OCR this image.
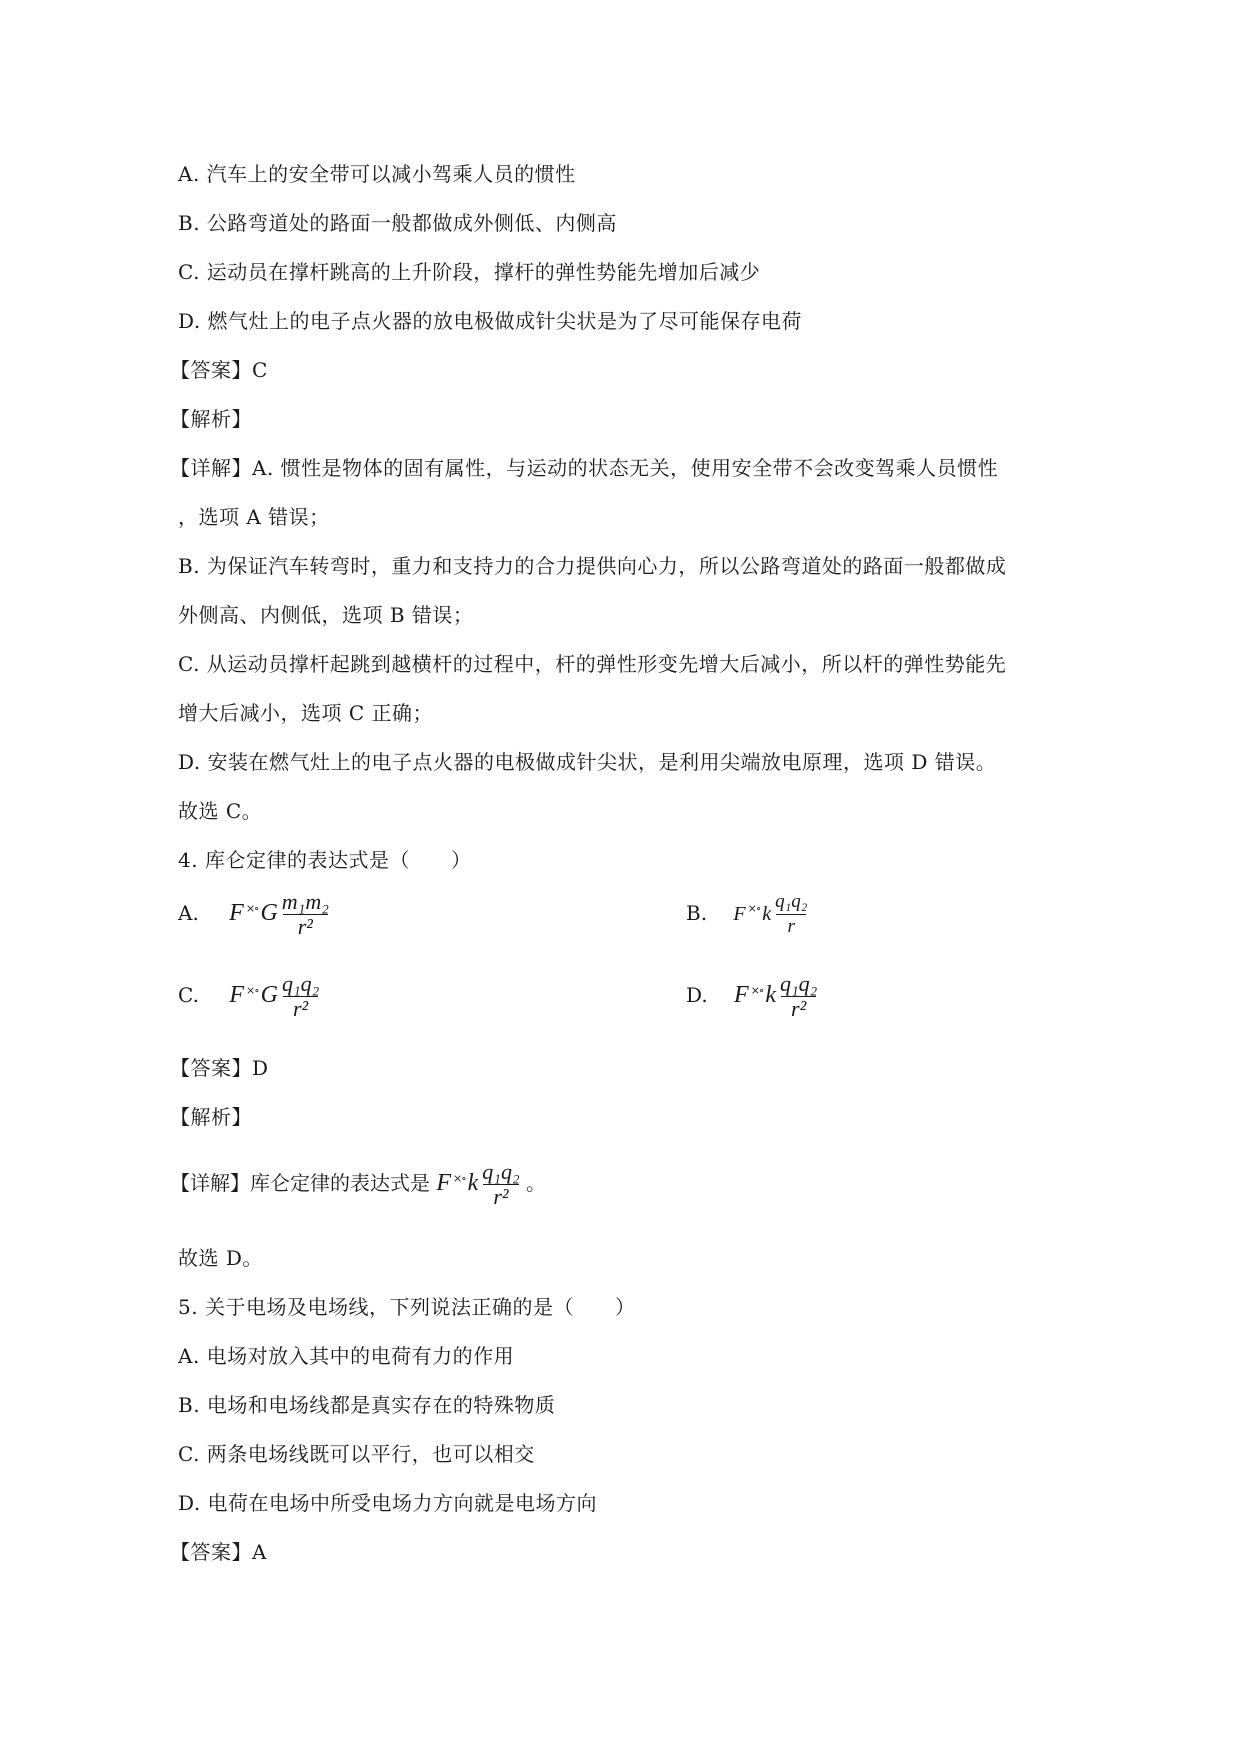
A. 汽车上的安全带可以减小驾乘人员的惯性
B. 公路弯道处的路面一般都做成外侧低、内侧高
C. 运动员在撑杆跳高的上升阶段，撑杆的弹性势能先增加后减少
D. 燃气灶上的电子点火器的放电极做成针尖状是为了尽可能保存电荷
【答案】C
【解析】
【详解】A. 惯性是物体的固有属性，与运动的状态无关，使用安全带不会改变驾乘人员惯性
，选项 A 错误；
B. 为保证汽车转弯时，重力和支持力的合力提供向心力，所以公路弯道处的路面一般都做成
外侧高、内侧低，选项 B 错误；
C. 从运动员撑杆起跳到越横杆的过程中，杆的弹性形变先增大后减小，所以杆的弹性势能先
增大后减小，选项 C 正确；
D. 安装在燃气灶上的电子点火器的电极做成针尖状，是利用尖端放电原理，选项 D 错误。
故选 C。
4. 库仑定律的表达式是（　　）
A. F $^{\times\circ}G \frac{\text{m₁m₂}}{\text{r²}}$	B. F ×∘ k $\frac{\text{q₁q₂}}{r}$
C. F $^{\times\circ}G \frac{\text{q₁q₂}}{\text{r²}}$	D. F $^{\times\circ}k \frac{\text{q₁q₂}}{\text{r²}}$
【答案】D
【解析】
【详解】库仑定律的表达式是 F $^{\times\circ}k \frac{\text{q₁q₂}}{\text{r²}}$ 。
故选 D。
5. 关于电场及电场线，下列说法正确的是（　　）
A. 电场对放入其中的电荷有力的作用
B. 电场和电场线都是真实存在的特殊物质
C. 两条电场线既可以平行，也可以相交
D. 电荷在电场中所受电场力方向就是电场方向
【答案】A
